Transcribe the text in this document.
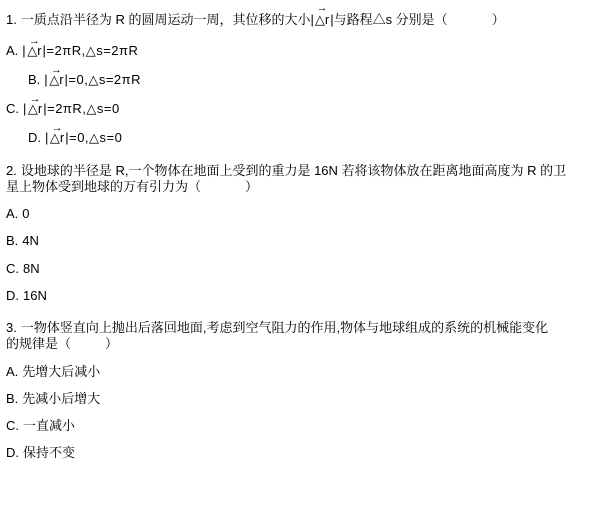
1. 一质点沿半径为 R 的圆周运动一周，其位移的大小|△
→
r|与路程△s 分别是（	）
A. |△
→
r|=2πR,△s=2πR
B. |△
→
r|=0,△s=2πR
C. |△
→
r|=2πR,△s=0
D. |△
→
r|=0,△s=0
2. 设地球的半径是 R,一个物体在地面上受到的重力是 16N 若将该物体放在距离地面高度为 R 的卫
星上物体受到地球的万有引力为（	）
A. 0
B. 4N
C. 8N
D. 16N
3. 一物体竖直向上抛出后落回地面,考虑到空气阻力的作用,物体与地球组成的系统的机械能变化
的规律是（	）
A. 先增大后减小
B. 先减小后增大
C. 一直减小
D. 保持不变
